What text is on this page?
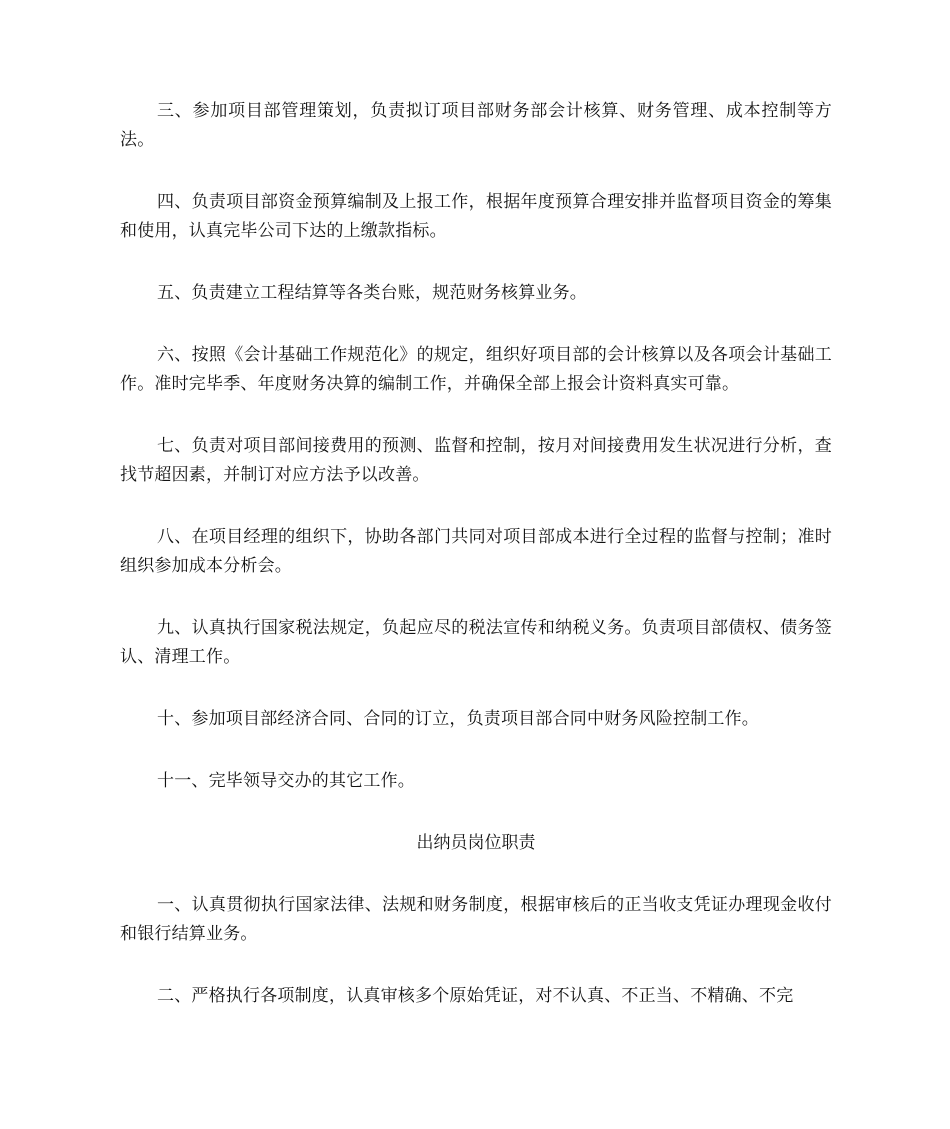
三、参加项目部管理策划，负责拟订项目部财务部会计核算、财务管理、成本控制等方法。

四、负责项目部资金预算编制及上报工作，根据年度预算合理安排并监督项目资金的筹集和使用，认真完毕公司下达的上缴款指标。

五、负责建立工程结算等各类台账，规范财务核算业务。

六、按照《会计基础工作规范化》的规定，组织好项目部的会计核算以及各项会计基础工作。准时完毕季、年度财务决算的编制工作，并确保全部上报会计资料真实可靠。

七、负责对项目部间接费用的预测、监督和控制，按月对间接费用发生状况进行分析，查找节超因素，并制订对应方法予以改善。

八、在项目经理的组织下，协助各部门共同对项目部成本进行全过程的监督与控制；准时组织参加成本分析会。

九、认真执行国家税法规定，负起应尽的税法宣传和纳税义务。负责项目部债权、债务签认、清理工作。

十、参加项目部经济合同、合同的订立，负责项目部合同中财务风险控制工作。

十一、完毕领导交办的其它工作。

出纳员岗位职责

一、认真贯彻执行国家法律、法规和财务制度，根据审核后的正当收支凭证办理现金收付和银行结算业务。

二、严格执行各项制度，认真审核多个原始凭证，对不认真、不正当、不精确、不完
